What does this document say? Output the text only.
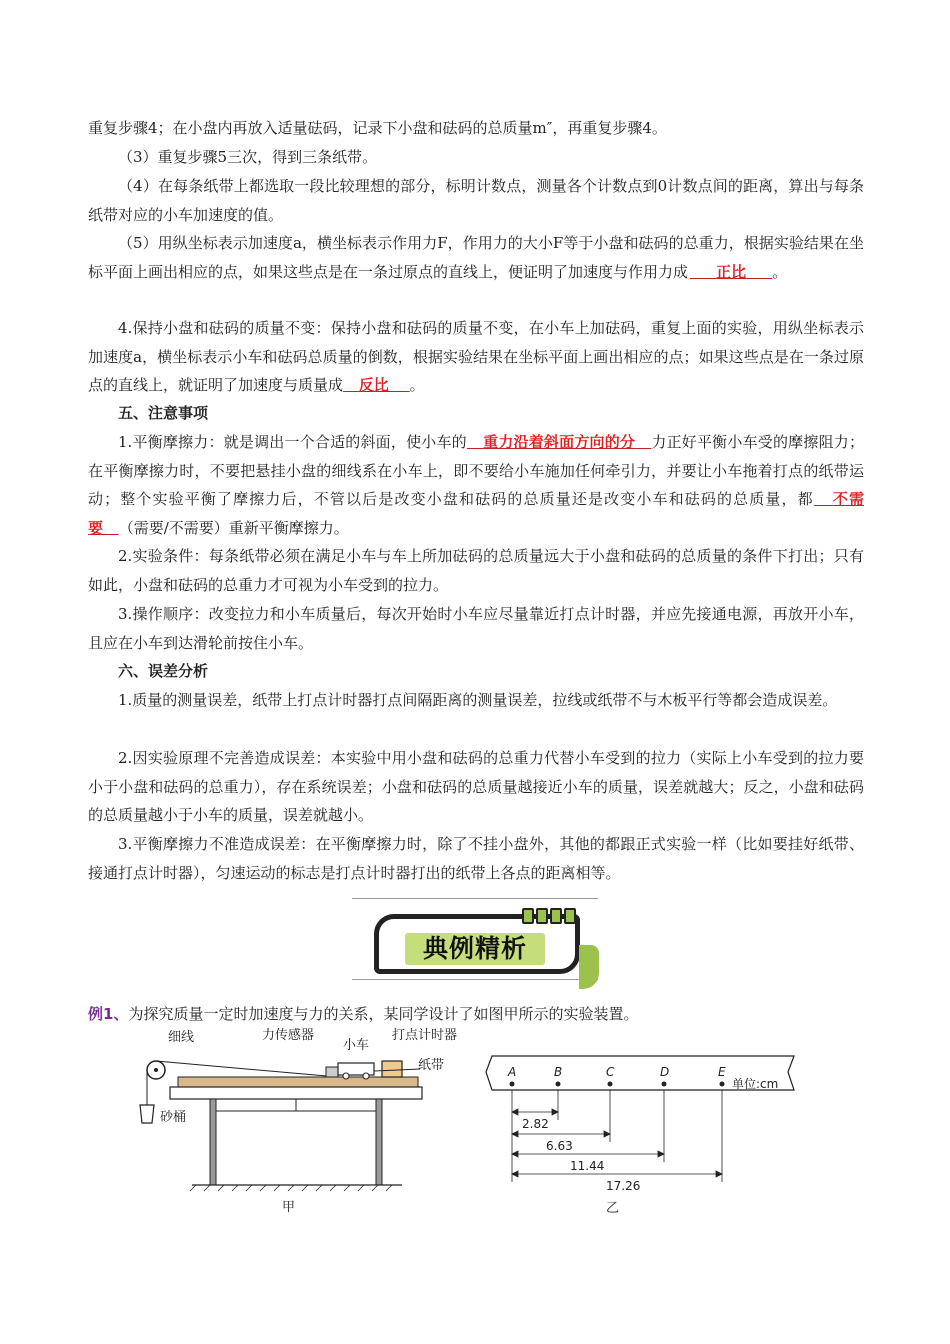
重复步骤4；在小盘内再放入适量砝码，记录下小盘和砝码的总质量m″，再重复步骤4。

（3）重复步骤5三次，得到三条纸带。

（4）在每条纸带上都选取一段比较理想的部分，标明计数点，测量各个计数点到0计数点间的距离，算出与每条纸带对应的小车加速度的值。

（5）用纵坐标表示加速度a，横坐标表示作用力F，作用力的大小F等于小盘和砝码的总重力，根据实验结果在坐标平面上画出相应的点，如果这些点是在一条过原点的直线上，便证明了加速度与作用力成 正比 。

4.保持小盘和砝码的质量不变：保持小盘和砝码的质量不变，在小车上加砝码，重复上面的实验，用纵坐标表示加速度a，横坐标表示小车和砝码总质量的倒数，根据实验结果在坐标平面上画出相应的点；如果这些点是在一条过原点的直线上，就证明了加速度与质量成 反比 。

五、注意事项

1.平衡摩擦力：就是调出一个合适的斜面，使小车的 重力沿着斜面方向的分 力正好平衡小车受的摩擦阻力；在平衡摩擦力时，不要把悬挂小盘的细线系在小车上，即不要给小车施加任何牵引力，并要让小车拖着打点的纸带运动；整个实验平衡了摩擦力后，不管以后是改变小盘和砝码的总质量还是改变小车和砝码的总质量，都 不需要 （需要/不需要）重新平衡摩擦力。

2.实验条件：每条纸带必须在满足小车与车上所加砝码的总质量远大于小盘和砝码的总质量的条件下打出；只有如此，小盘和砝码的总重力才可视为小车受到的拉力。

3.操作顺序：改变拉力和小车质量后，每次开始时小车应尽量靠近打点计时器，并应先接通电源，再放开小车，且应在小车到达滑轮前按住小车。

六、误差分析

1.质量的测量误差，纸带上打点计时器打点间隔距离的测量误差，拉线或纸带不与木板平行等都会造成误差。

2.因实验原理不完善造成误差：本实验中用小盘和砝码的总重力代替小车受到的拉力（实际上小车受到的拉力要小于小盘和砝码的总重力），存在系统误差；小盘和砝码的总质量越接近小车的质量，误差就越大；反之，小盘和砝码的总质量越小于小车的质量，误差就越小。

3.平衡摩擦力不准造成误差：在平衡摩擦力时，除了不挂小盘外，其他的都跟正式实验一样（比如要挂好纸带、接通打点计时器），匀速运动的标志是打点计时器打出的纸带上各点的距离相等。

典例精析
例1、为探究质量一定时加速度与力的关系，某同学设计了如图甲所示的实验装置。
细线	力传感器
小车
打点计时器
纸带
砂桶
甲
A	B	C	D	E
单位:cm
2.82
6.63
11.44
17.26
乙
